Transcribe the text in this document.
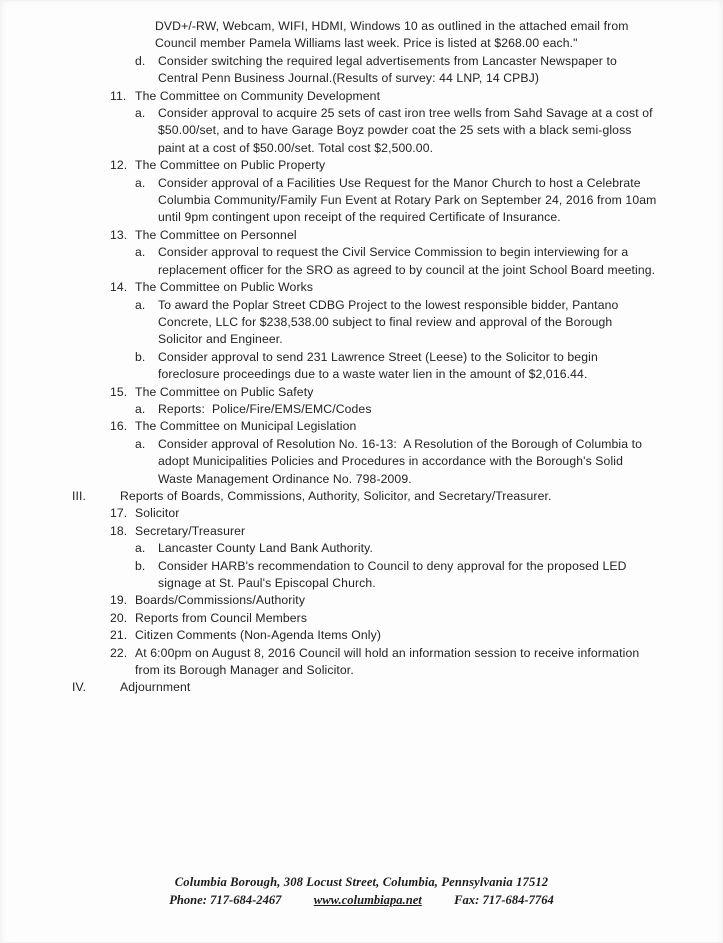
DVD+/-RW, Webcam, WIFI, HDMI, Windows 10 as outlined in the attached email from
Council member Pamela Williams last week. Price is listed at $268.00 each."
d.	Consider switching the required legal advertisements from Lancaster Newspaper to
Central Penn Business Journal.(Results of survey: 44 LNP, 14 CPBJ)
11. The Committee on Community Development
a.	Consider approval to acquire 25 sets of cast iron tree wells from Sahd Savage at a cost of
$50.00/set, and to have Garage Boyz powder coat the 25 sets with a black semi-gloss
paint at a cost of $50.00/set. Total cost $2,500.00.
12. The Committee on Public Property
a.	Consider approval of a Facilities Use Request for the Manor Church to host a Celebrate
Columbia Community/Family Fun Event at Rotary Park on September 24, 2016 from 10am
until 9pm contingent upon receipt of the required Certificate of Insurance.
13. The Committee on Personnel
a.	Consider approval to request the Civil Service Commission to begin interviewing for a
replacement officer for the SRO as agreed to by council at the joint School Board meeting.
14. The Committee on Public Works
a.	To award the Poplar Street CDBG Project to the lowest responsible bidder, Pantano
Concrete, LLC for $238,538.00 subject to final review and approval of the Borough
Solicitor and Engineer.
b.	Consider approval to send 231 Lawrence Street (Leese) to the Solicitor to begin
foreclosure proceedings due to a waste water lien in the amount of $2,016.44.
15. The Committee on Public Safety
a.	Reports:  Police/Fire/EMS/EMC/Codes
16. The Committee on Municipal Legislation
a.	Consider approval of Resolution No. 16-13:  A Resolution of the Borough of Columbia to
adopt Municipalities Policies and Procedures in accordance with the Borough's Solid
Waste Management Ordinance No. 798-2009.
III.	Reports of Boards, Commissions, Authority, Solicitor, and Secretary/Treasurer.
17. Solicitor
18. Secretary/Treasurer
a.	Lancaster County Land Bank Authority.
b.	Consider HARB's recommendation to Council to deny approval for the proposed LED
signage at St. Paul's Episcopal Church.
19. Boards/Commissions/Authority
20. Reports from Council Members
21. Citizen Comments (Non-Agenda Items Only)
22. At 6:00pm on August 8, 2016 Council will hold an information session to receive information
from its Borough Manager and Solicitor.
IV.	Adjournment
Columbia Borough, 308 Locust Street, Columbia, Pennsylvania 17512
Phone: 717-684-2467	www.columbiapa.net	Fax: 717-684-7764
